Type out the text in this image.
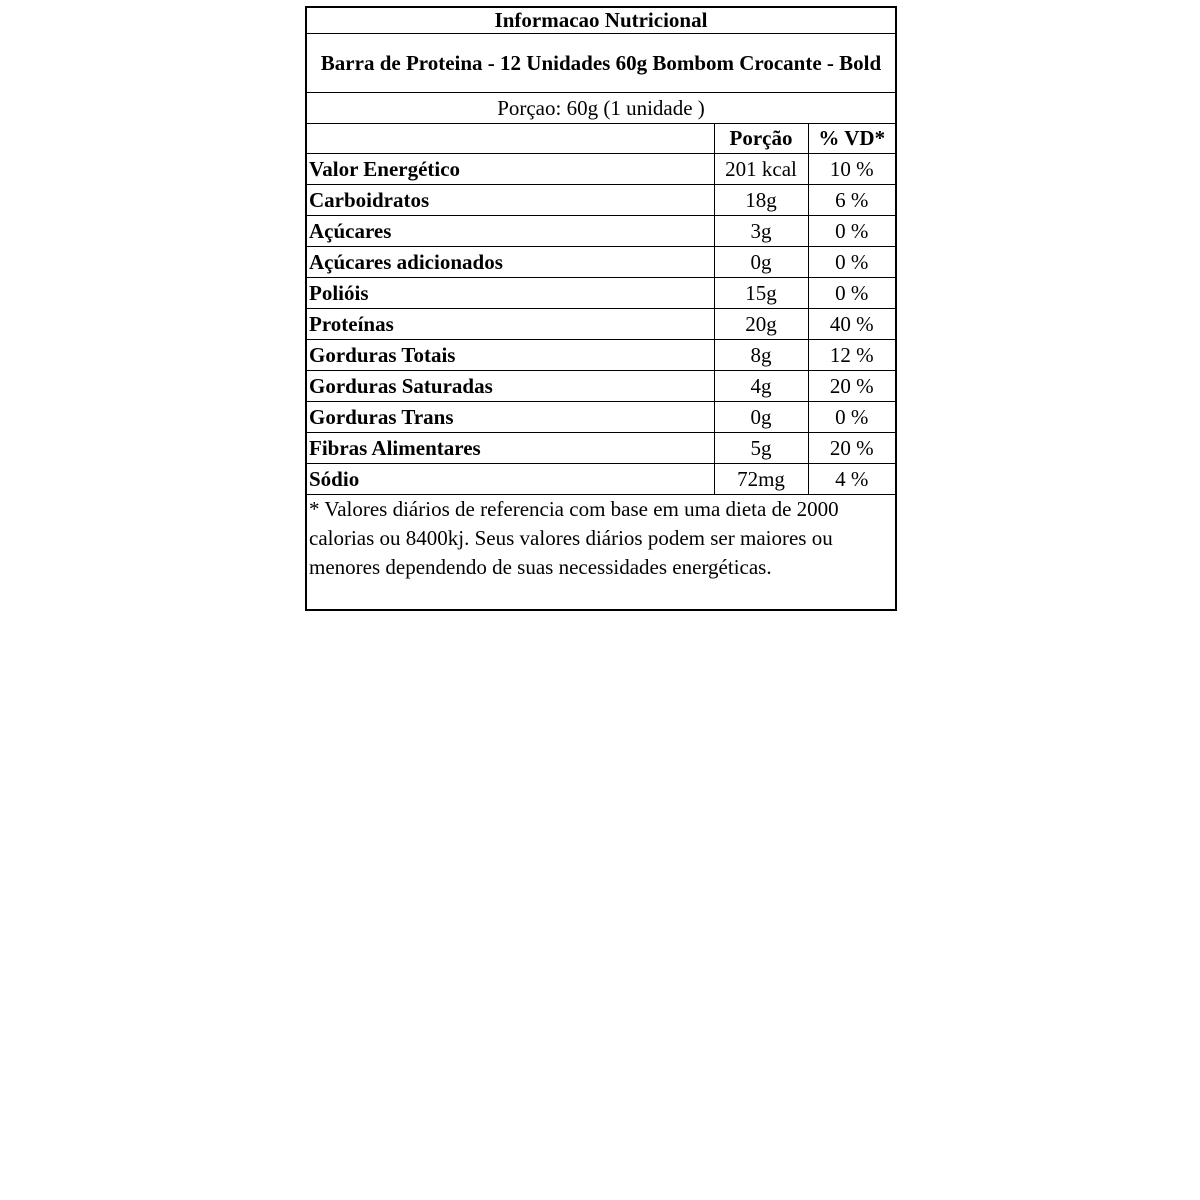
Informacao Nutricional		
Barra de Proteina - 12 Unidades 60g Bombom Crocante - Bold		
Porçao: 60g (1 unidade )		
	Porção	% VD*
Valor Energético	201 kcal	10 %
Carboidratos	18g	6 %
Açúcares	3g	0 %
Açúcares adicionados	0g	0 %
Polióis	15g	0 %
Proteínas	20g	40 %
Gorduras Totais	8g	12 %
Gorduras Saturadas	4g	20 %
Gorduras Trans	0g	0 %
Fibras Alimentares	5g	20 %
Sódio	72mg	4 %
* Valores diários de referencia com base em uma dieta de 2000 calorias ou 8400kj. Seus valores diários podem ser maiores ou menores dependendo de suas necessidades energéticas.		
